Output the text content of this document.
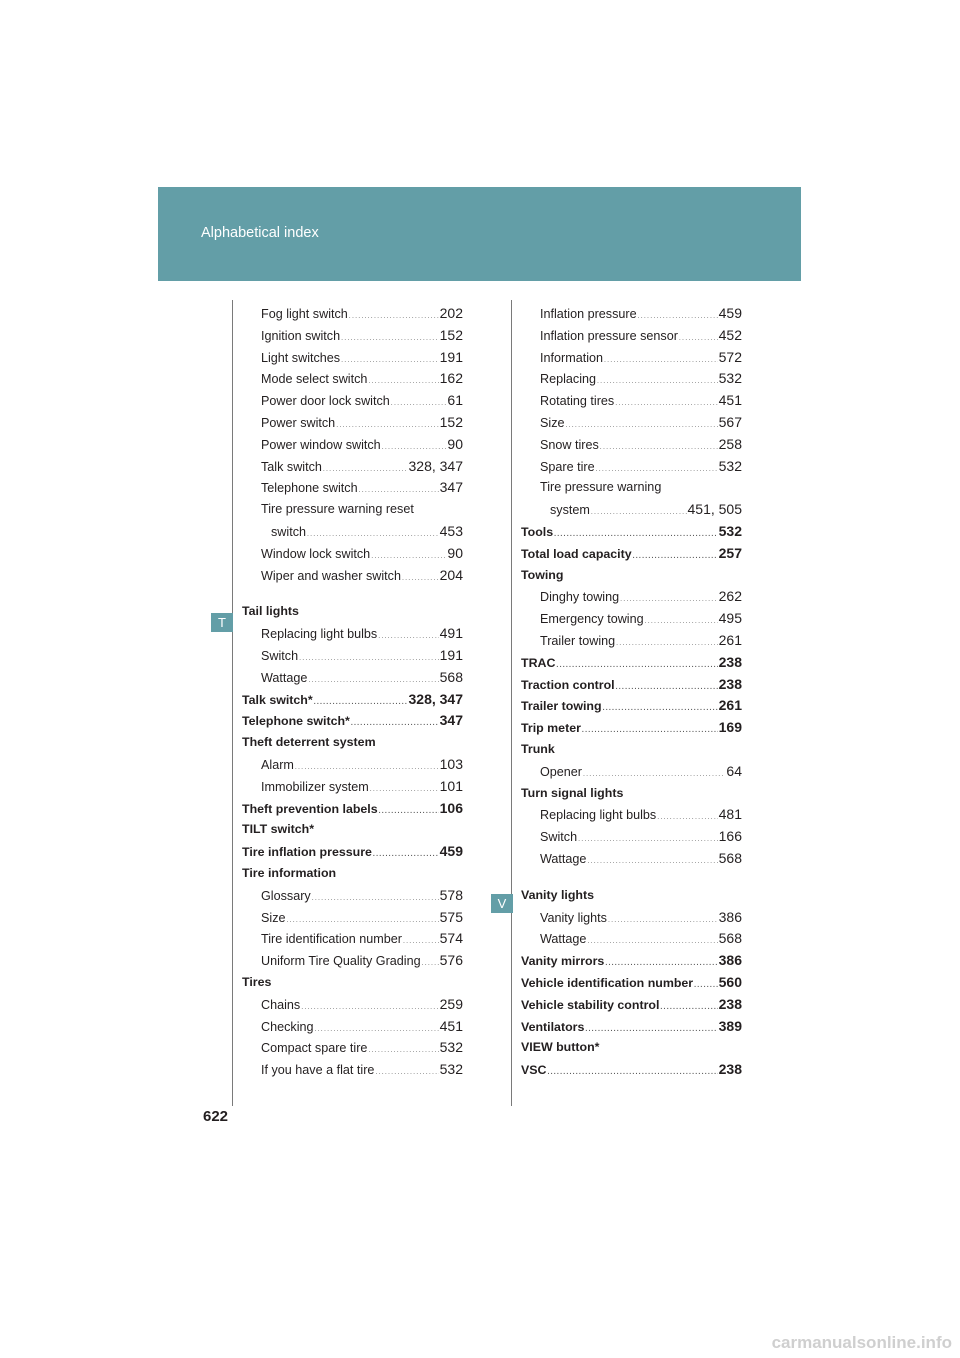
Alphabetical index
T
V
Fog light switch .....	202
Ignition switch .....	152
Light switches .....	191
Mode select switch .....	162
Power door lock switch .....	61
Power switch .....	152
Power window switch .....	90
Talk switch .....	328, 347
Telephone switch .....	347
Tire pressure warning reset
switch .....	453
Window lock switch .....	90
Wiper and washer switch .....	204
Tail lights
Replacing light bulbs .....	491
Switch .....	191
Wattage .....	568
Talk switch* .....	328, 347
Telephone switch* .....	347
Theft deterrent system
Alarm .....	103
Immobilizer system .....	101
Theft prevention labels .....	106
TILT switch*
Tire inflation pressure .....	459
Tire information
Glossary .....	578
Size .....	575
Tire identification number .....	574
Uniform Tire Quality Grading ..... 576
Tires
Chains .....	259
Checking .....	451
Compact spare tire .....	532
If you have a flat tire .....	532
Inflation pressure .....	459
Inflation pressure sensor .....	452
Information .....	572
Replacing .....	532
Rotating tires .....	451
Size .....	567
Snow tires .....	258
Spare tire .....	532
Tire pressure warning
system .....	451, 505
Tools .....	532
Total load capacity .....	257
Towing
Dinghy towing .....	262
Emergency towing .....	495
Trailer towing .....	261
TRAC .....	238
Traction control .....	238
Trailer towing .....	261
Trip meter .....	169
Trunk
Opener .....	64
Turn signal lights
Replacing light bulbs .....	481
Switch .....	166
Wattage .....	568
Vanity lights
Vanity lights .....	386
Wattage .....	568
Vanity mirrors .....	386
Vehicle identification number ..... 560
Vehicle stability control .....	238
Ventilators .....	389
VIEW button*
VSC .....	238
622
carmanualsonline.info
